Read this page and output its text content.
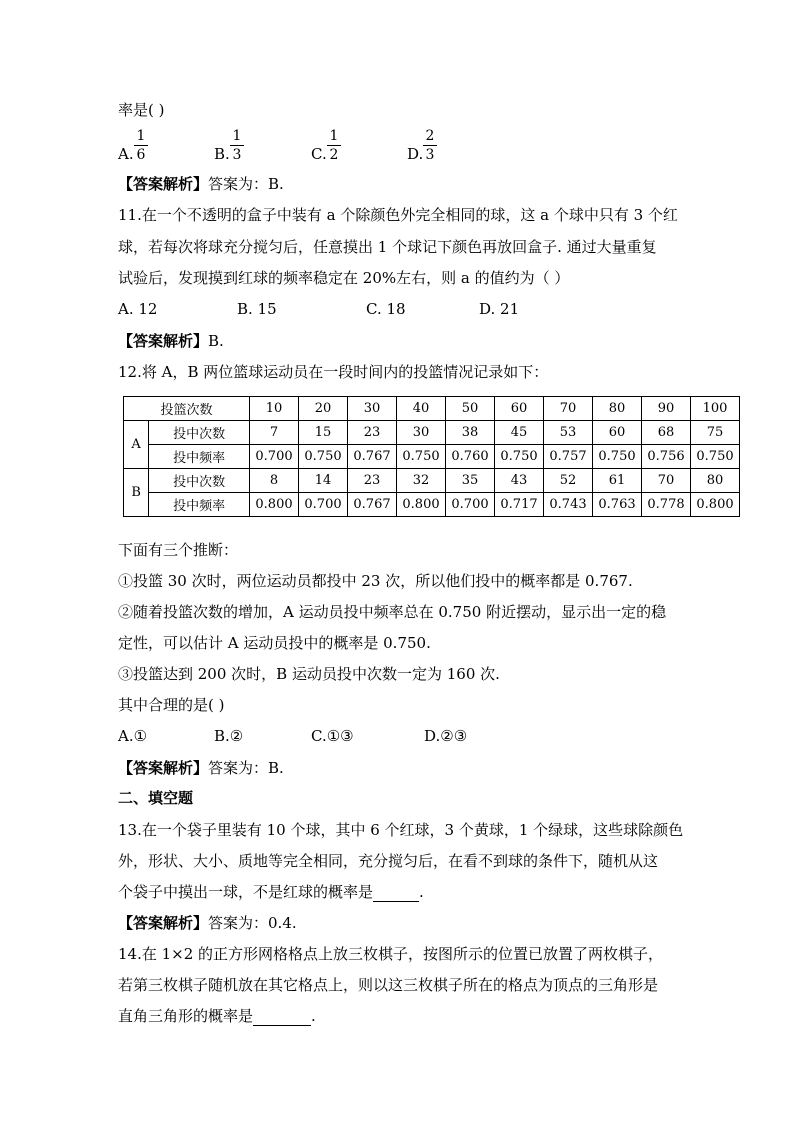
率是( )
A.
1
6	B.
1
3	C.
1
2	D.
2
3
【答案解析】答案为：B.
11.在一个不透明的盒子中装有 a 个除颜色外完全相同的球，这 a 个球中只有 3 个红
球，若每次将球充分搅匀后，任意摸出 1 个球记下颜色再放回盒子. 通过大量重复
试验后，发现摸到红球的频率稳定在 20%左右，则 a 的值约为（ ）
A. 12	B. 15	C. 18	D. 21
【答案解析】B.
12.将 A，B 两位篮球运动员在一段时间内的投篮情况记录如下：
投篮次数		10	20	30	40	50	60	70	80	90	100
A	投中次数	7	15	23	30	38	45	53	60	68	75
	投中频率	0.700	0.750	0.767	0.750	0.760	0.750	0.757	0.750	0.756	0.750
B	投中次数	8	14	23	32	35	43	52	61	70	80
	投中频率	0.800	0.700	0.767	0.800	0.700	0.717	0.743	0.763	0.778	0.800
下面有三个推断：
①投篮 30 次时，两位运动员都投中 23 次，所以他们投中的概率都是 0.767.
②随着投篮次数的增加，A 运动员投中频率总在 0.750 附近摆动，显示出一定的稳
定性，可以估计 A 运动员投中的概率是 0.750.
③投篮达到 200 次时，B 运动员投中次数一定为 160 次.
其中合理的是( )
A.①	B.②	C.①③	D.②③
【答案解析】答案为：B.
二、填空题
13.在一个袋子里装有 10 个球，其中 6 个红球，3 个黄球，1 个绿球，这些球除颜色
外，形状、大小、质地等完全相同，充分搅匀后，在看不到球的条件下，随机从这
个袋子中摸出一球，不是红球的概率是	.
【答案解析】答案为：0.4.
14.在 1×2 的正方形网格格点上放三枚棋子，按图所示的位置已放置了两枚棋子，
若第三枚棋子随机放在其它格点上，则以这三枚棋子所在的格点为顶点的三角形是
直角三角形的概率是	.
